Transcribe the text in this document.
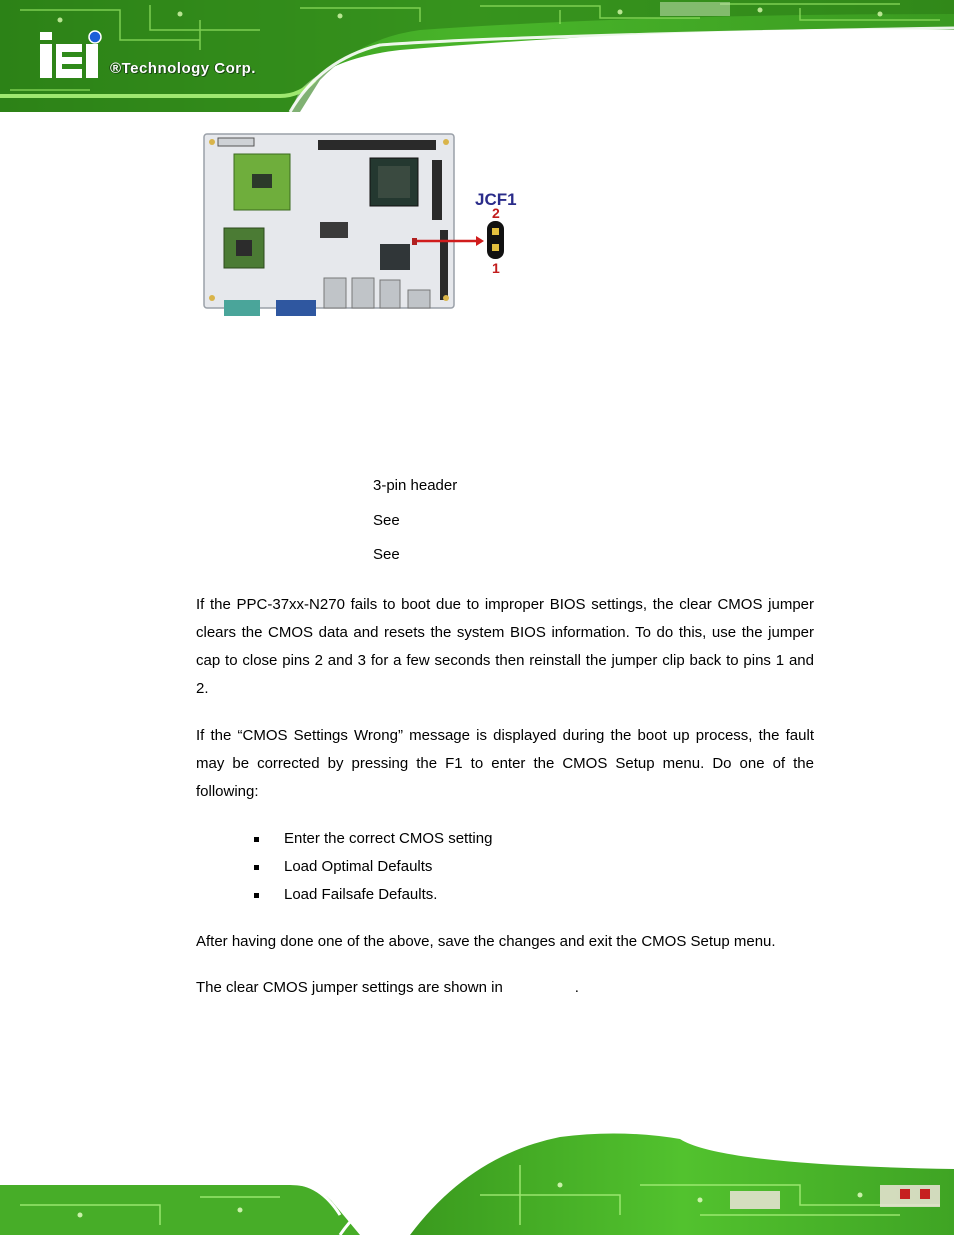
®Technology Corp.
JCF1
2
1
3-pin header
See
See
If the PPC-37xx-N270 fails to boot due to improper BIOS settings, the clear CMOS jumper clears the CMOS data and resets the system BIOS information. To do this, use the jumper cap to close pins 2 and 3 for a few seconds then reinstall the jumper clip back to pins 1 and 2.
If the “CMOS Settings Wrong” message is displayed during the boot up process, the fault may be corrected by pressing the F1 to enter the CMOS Setup menu. Do one of the following:
Enter the correct CMOS setting
Load Optimal Defaults
Load Failsafe Defaults.
After having done one of the above, save the changes and exit the CMOS Setup menu.
The clear CMOS jumper settings are shown in	.
